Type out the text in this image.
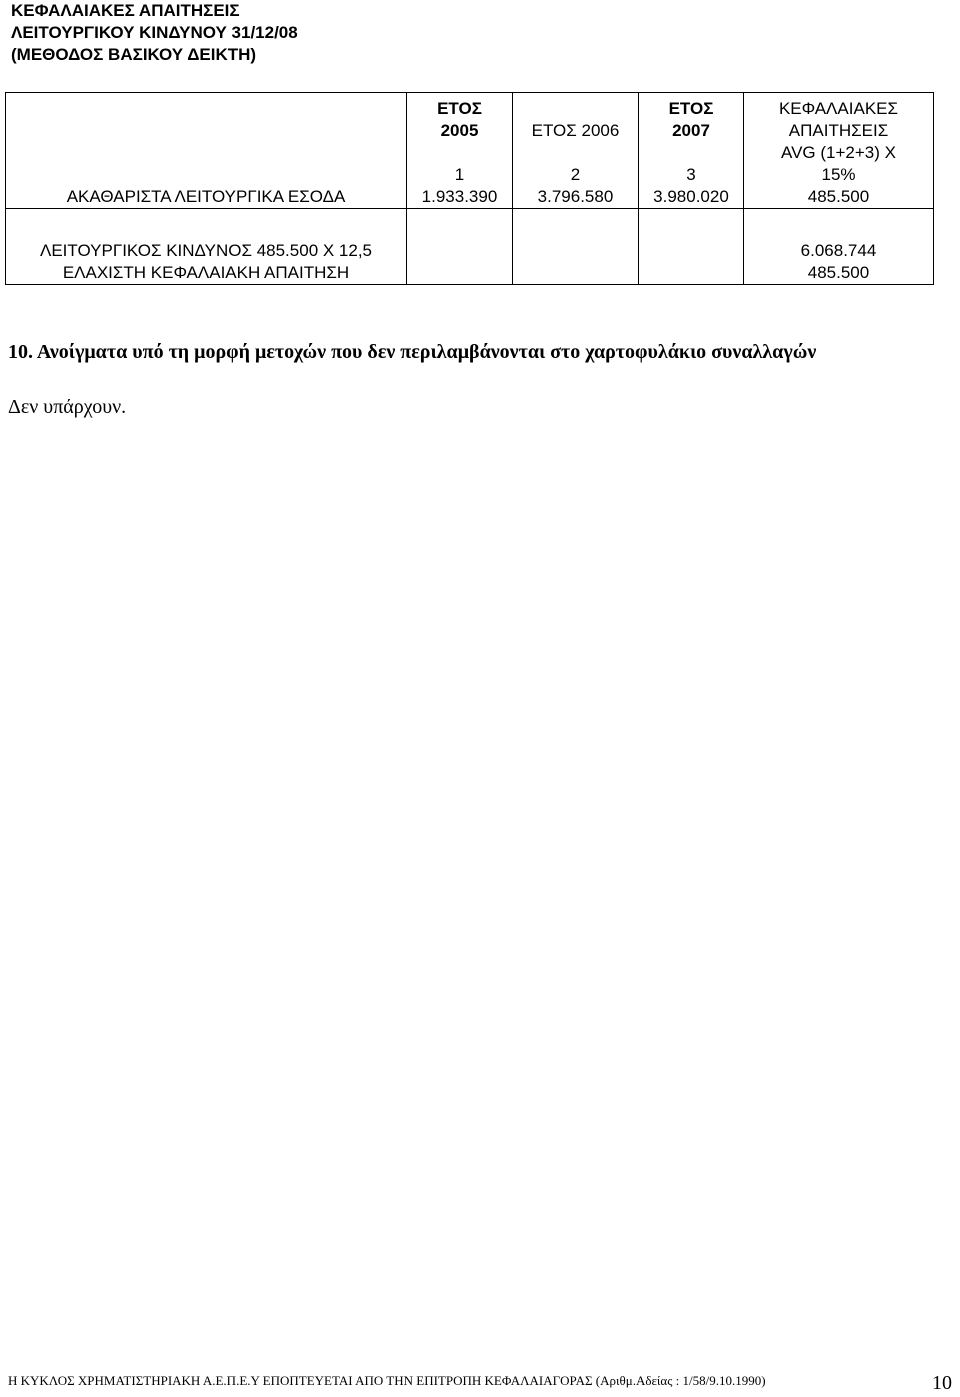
ΚΕΦΑΛΑΙΑΚΕΣ ΑΠΑΙΤΗΣΕΙΣ
ΛΕΙΤΟΥΡΓΙΚΟΥ ΚΙΝΔΥΝΟΥ 31/12/08
(ΜΕΘΟΔΟΣ ΒΑΣΙΚΟΥ ΔΕΙΚΤΗ)
ΑΚΑΘΑΡΙΣΤΑ ΛΕΙΤΟΥΡΓΙΚΑ ΕΣΟΔΑ	ΕΤΟΣ
2005
1
1.933.390	ΕΤΟΣ 2006
2
3.796.580	ΕΤΟΣ
2007
3
3.980.020	ΚΕΦΑΛΑΙΑΚΕΣ
ΑΠΑΙΤΗΣΕΙΣ
AVG (1+2+3) X
15%
485.500

ΛΕΙΤΟΥΡΓΙΚΟΣ ΚΙΝΔΥΝΟΣ 485.500 X 12,5
ΕΛΑΧΙΣΤΗ ΚΕΦΑΛΑΙΑΚΗ ΑΠΑΙΤΗΣΗ				6.068.744
485.500
10. Ανοίγματα υπό τη μορφή μετοχών που δεν περιλαμβάνονται στο χαρτοφυλάκιο συναλλαγών
Δεν υπάρχουν.
Η ΚΥΚΛΟΣ ΧΡΗΜΑΤΙΣΤΗΡΙΑΚΗ Α.Ε.Π.Ε.Υ ΕΠΟΠΤΕΥΕΤΑΙ ΑΠΟ ΤΗΝ ΕΠΙΤΡΟΠΗ ΚΕΦΑΛΑΙΑΓΟΡΑΣ (Αριθμ.Αδείας : 1/58/9.10.1990)	10
